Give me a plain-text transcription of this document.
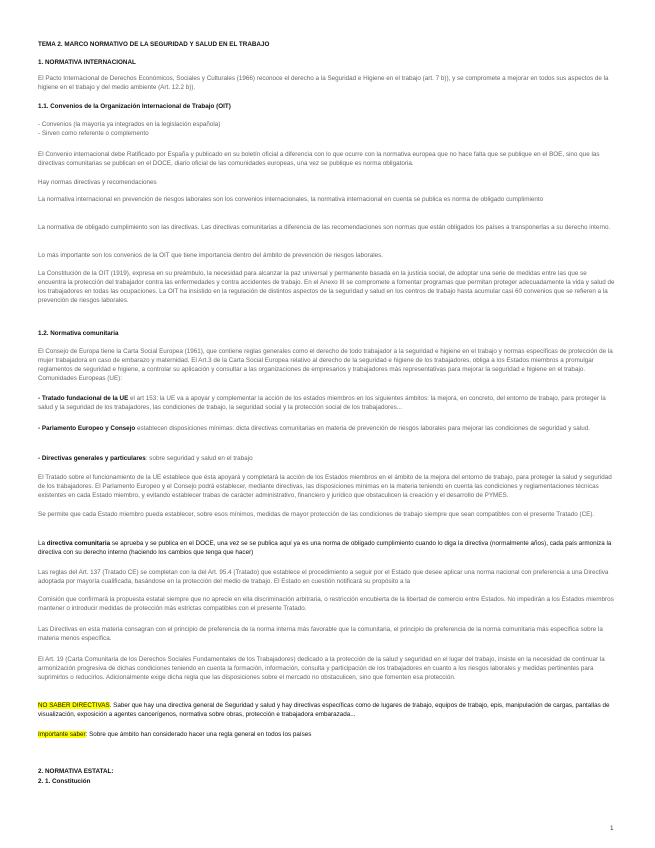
TEMA 2. MARCO NORMATIVO DE LA SEGURIDAD Y SALUD EN EL TRABAJO

1. NORMATIVA INTERNACIONAL

El Pacto Internacional de Derechos Económicos, Sociales y Culturales (1966) reconoce el derecho a la Seguridad e Higiene en el trabajo (art. 7 b)), y se compromete a mejorar en todos sus aspectos de la higiene en el trabajo y del medio ambiente (Art. 12.2 b)).

1.1. Convenios de la Organización Internacional de Trabajo (OIT)

- Convenios (la mayoría ya integrados en la legislación española)

- Sirven como referente o complemento

El Convenio internacional debe Ratificado por España y publicado en su boletín oficial a diferencia con lo que ocurre con la normativa europea que no hace falta que se publique en el BOE, sino que las directivas comunitarias se publican en el DOCE, diario oficial de las comunidades europeas, una vez se publique es norma obligatoria.

Hay normas directivas y recomendaciones

La normativa internacional en prevención de riesgos laborales son los convenios internacionales, la normativa internacional en cuenta se publica es norma de obligado cumplimiento

La normativa de obligado cumplimiento son las directivas. Las directivas comunitarias a diferencia de las recomendaciones son normas que están obligados los países a transponerlas a su derecho interno.

Lo más importante son los convenios de la OIT que tiene importancia dentro del ámbito de prevención de riesgos laborales.

La Constitución de la OIT (1919), expresa en su preámbulo, la necesidad para alcanzar la paz universal y permanente basada en la justicia social, de adoptar una serie de medidas entre las que se encuentra la protección del trabajador contra las enfermedades y contra accidentes de trabajo. En el Anexo III se compromete a fomentar programas que permitan proteger adecuadamente la vida y salud de los trabajadores en todas las ocupaciones. La OIT ha insistido en la regulación de distintos aspectos de la seguridad y salud en los centros de trabajo hasta acumular casi 60 convenios que se refieren a la prevención de riesgos laborales.

1.2. Normativa comunitaria

El Consejo de Europa tiene la Carta Social Europea (1961), que contiene reglas generales como el derecho de todo trabajador a la seguridad e higiene en el trabajo y normas específicas de protección de la mujer trabajadora en caso de embarazo y maternidad. El Art.3 de la Carta Social Europea relativo al derecho de la seguridad e higiene de los trabajadores, obliga a los Estados miembros a promulgar reglamentos de seguridad e higiene, a controlar su aplicación y consultar a las organizaciones de empresarios y trabajadores más representativas para mejorar la seguridad e higiene en el trabajo. Comunidades Europeas (UE):

- Tratado fundacional de la UE el art 153: la UE va a apoyar y complementar la acción de los estados miembros en los siguientes ámbitos: la mejora, en concreto, del entorno de trabajo, para proteger la salud y la seguridad de los trabajadores, las condiciones de trabajo, la seguridad social y la protección social de los trabajadores...

- Parlamento Europeo y Consejo establecen disposiciones mínimas: dicta directivas comunitarias en materia de prevención de riesgos laborales para mejorar las condiciones de seguridad y salud.

- Directivas generales y particulares: sobre seguridad y salud en el trabajo

El Tratado sobre el funcionamiento de la UE establece que ésta apoyará y completará la acción de los Estados miembros en el ámbito de la mejora del entorno de trabajo, para proteger la salud y seguridad de los trabajadores. El Parlamento Europeo y el Consejo podrá establecer, mediante directivas, las disposiciones mínimas en la materia teniendo en cuenta las condiciones y reglamentaciones técnicas existentes en cada Estado miembro, y evitando establecer trabas de carácter administrativo, financiero y jurídico que obstaculicen la creación y el desarrollo de PYMES.

Se permite que cada Estado miembro pueda establecer, sobre esos mínimos, medidas de mayor protección de las condiciones de trabajo siempre que sean compatibles con el presente Tratado (CE).

La directiva comunitaria se aprueba y se publica en el DOCE, una vez se se publica aquí ya es una norma de obligado cumplimiento cuando lo diga la directiva (normalmente años), cada país armoniza la directiva con su derecho interno (haciendo los cambios que tenga que hacer)

Las reglas del Art. 137 (Tratado CE) se completan con la del Art. 95.4 (Tratado) que establece el procedimiento a seguir por el Estado que desee aplicar una norma nacional con preferencia a una Directiva adoptada por mayoría cualificada, basándose en la protección del medio de trabajo. El Estado en cuestión notificará su propósito a la

Comisión que confirmará la propuesta estatal siempre que no aprecie en ella discriminación arbitraria, o restricción encubierta de la libertad de comercio entre Estados. No impedirán a los Estados miembros mantener o introducir medidas de protección más estrictas compatibles con el presente Tratado.

Las Directivas en esta materia consagran con el principio de preferencia de la norma interna más favorable que la comunitaria, el principio de preferencia de la norma comunitaria más específica sobre la materia menos específica.

El Art. 19 (Carta Comunitaria de los Derechos Sociales Fundamentales de los Trabajadores) dedicado a la protección de la salud y seguridad en el lugar del trabajo, insiste en la necesidad de continuar la armonización progresiva de dichas condiciones teniendo en cuenta la formación, información, consulta y participación de los trabajadores en cuanto a los riesgos laborales y medidas pertinentes para suprimirlos o reducirlos. Adicionalmente exige dicha regla que las disposiciones sobre el mercado no obstaculicen, sino que fomenten esa protección.

NO SABER DIRECTIVAS. Saber que hay una directiva general de Seguridad y salud y hay directivas específicas como de lugares de trabajo, equipos de trabajo, epis, manipulación de cargas, pantallas de visualización, exposición a agentes cancerígenos, normativa sobre obras, protección e trabajadora embarazada...

Importante saber: Sobre que ámbito han considerado hacer una regla general en todos los países

2. NORMATIVA ESTATAL:

2. 1. Constitución

1
